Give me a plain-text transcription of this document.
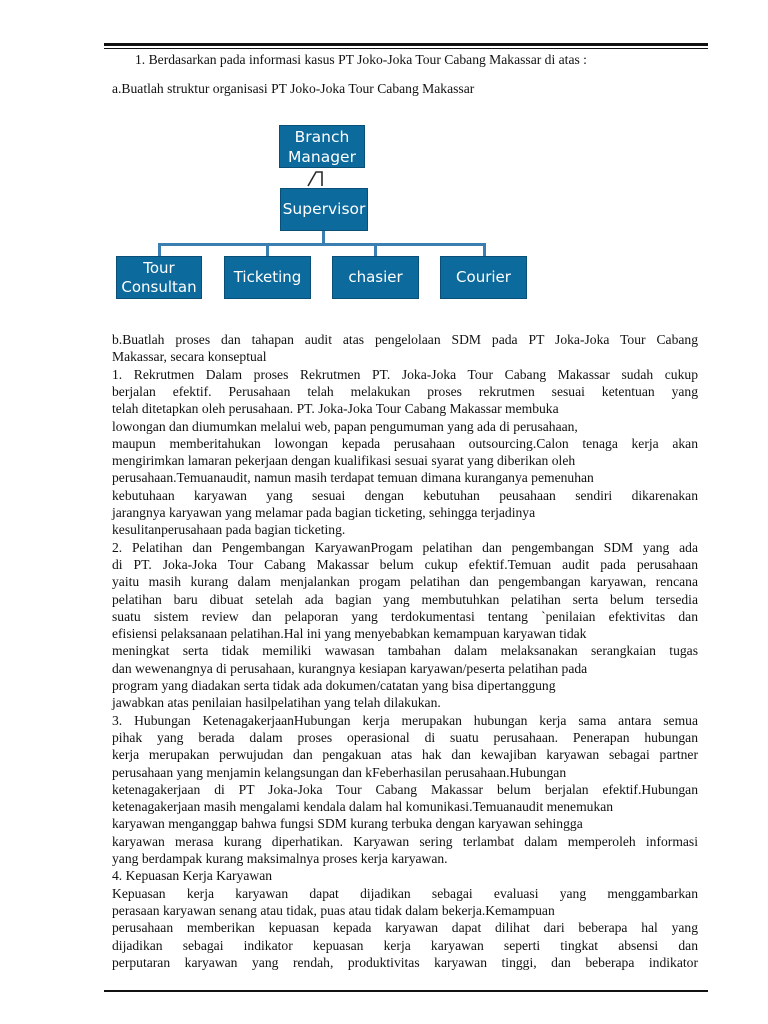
1. Berdasarkan pada informasi kasus PT Joko-Joka Tour Cabang Makassar di atas :
a.Buatlah struktur organisasi PT Joko-Joka Tour Cabang Makassar
Branch
Manager
Supervisor
Tour
Consultan
Ticketing	chasier	Courier
b.Buatlah proses dan tahapan audit atas pengelolaan SDM pada PT Joka-Joka Tour Cabang
Makassar, secara konseptual
1. Rekrutmen Dalam proses Rekrutmen PT. Joka-Joka Tour Cabang Makassar sudah cukup
berjalan efektif. Perusahaan telah melakukan proses rekrutmen sesuai ketentuan yang
telah ditetapkan oleh perusahaan. PT. Joka-Joka Tour Cabang Makassar membuka
lowongan dan diumumkan melalui web, papan pengumuman yang ada di perusahaan,
maupun memberitahukan lowongan kepada perusahaan outsourcing.Calon tenaga kerja akan
mengirimkan lamaran pekerjaan dengan kualifikasi sesuai syarat yang diberikan oleh
perusahaan.Temuanaudit, namun masih terdapat temuan dimana kuranganya pemenuhan
kebutuhaan karyawan yang sesuai dengan kebutuhan peusahaan sendiri dikarenakan
jarangnya karyawan yang melamar pada bagian ticketing, sehingga terjadinya
kesulitanperusahaan pada bagian ticketing.
2. Pelatihan dan Pengembangan KaryawanProgam pelatihan dan pengembangan SDM yang ada
di PT. Joka-Joka Tour Cabang Makassar belum cukup efektif.Temuan audit pada perusahaan
yaitu masih kurang dalam menjalankan progam pelatihan dan pengembangan karyawan, rencana
pelatihan baru dibuat setelah ada bagian yang membutuhkan pelatihan serta belum tersedia
suatu sistem review dan pelaporan yang terdokumentasi tentang `penilaian efektivitas dan
efisiensi pelaksanaan pelatihan.Hal ini yang menyebabkan kemampuan karyawan tidak
meningkat serta tidak memiliki wawasan tambahan dalam melaksanakan serangkaian tugas
dan wewenangnya di perusahaan, kurangnya kesiapan karyawan/peserta pelatihan pada
program yang diadakan serta tidak ada dokumen/catatan yang bisa dipertanggung
jawabkan atas penilaian hasilpelatihan yang telah dilakukan.
3. Hubungan KetenagakerjaanHubungan kerja merupakan hubungan kerja sama antara semua
pihak yang berada dalam proses operasional di suatu perusahaan. Penerapan hubungan
kerja merupakan perwujudan dan pengakuan atas hak dan kewajiban karyawan sebagai partner
perusahaan yang menjamin kelangsungan dan kFeberhasilan perusahaan.Hubungan
ketenagakerjaan di PT Joka-Joka Tour Cabang Makassar belum berjalan efektif.Hubungan
ketenagakerjaan masih mengalami kendala dalam hal komunikasi.Temuanaudit menemukan
karyawan menganggap bahwa fungsi SDM kurang terbuka dengan karyawan sehingga
karyawan merasa kurang diperhatikan. Karyawan sering terlambat dalam memperoleh informasi
yang berdampak kurang maksimalnya proses kerja karyawan.
4. Kepuasan Kerja Karyawan
Kepuasan kerja karyawan dapat dijadikan sebagai evaluasi yang menggambarkan
perasaan karyawan senang atau tidak, puas atau tidak dalam bekerja.Kemampuan
perusahaan memberikan kepuasan kepada karyawan dapat dilihat dari beberapa hal yang
dijadikan sebagai indikator kepuasan kerja karyawan seperti tingkat absensi dan
perputaran karyawan yang rendah, produktivitas karyawan tinggi, dan beberapa indikator
